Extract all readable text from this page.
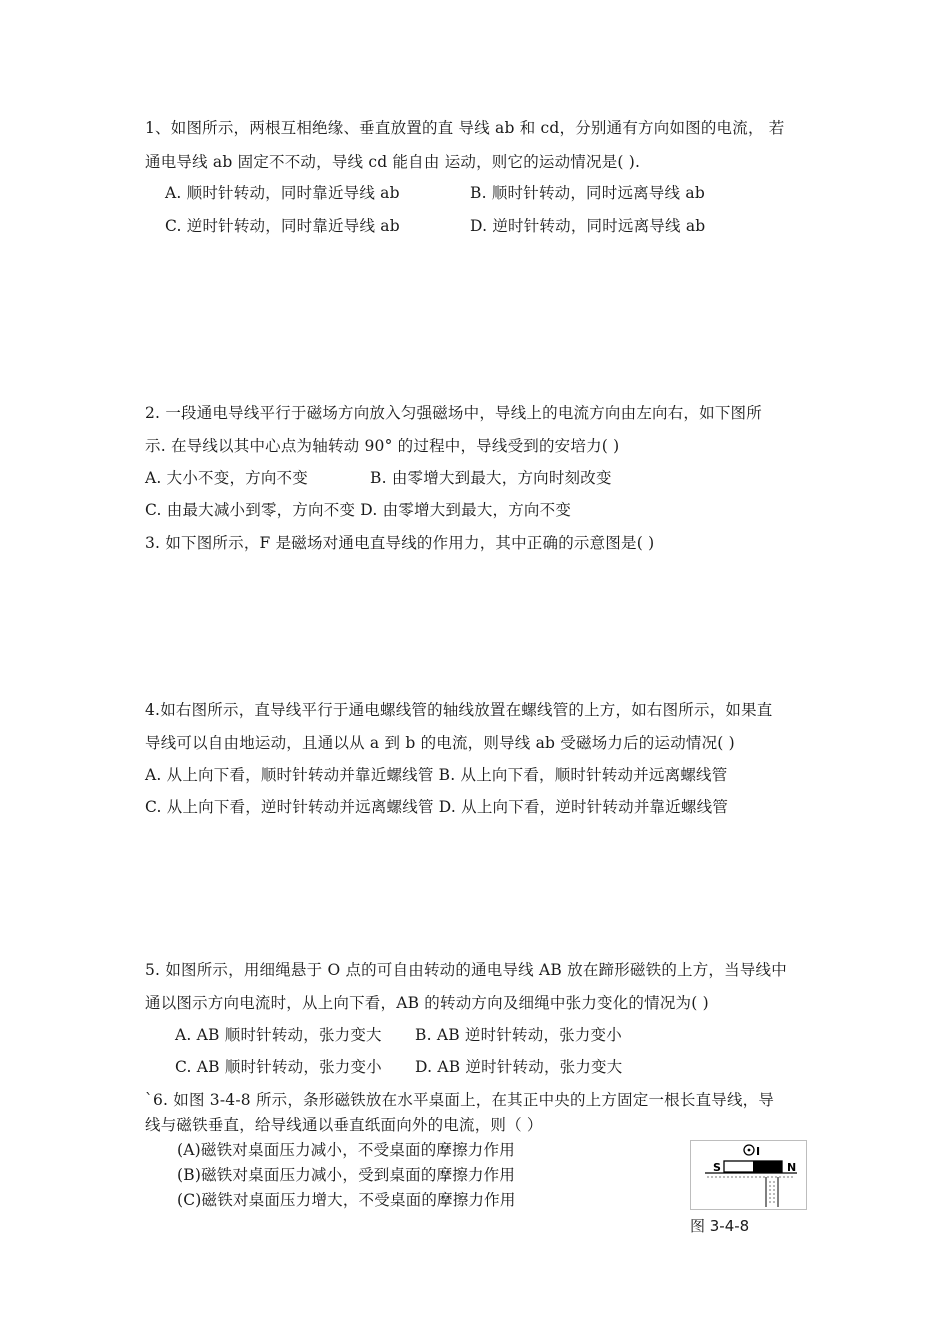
1、如图所示，两根互相绝缘、垂直放置的直 导线 ab 和 cd，分别通有方向如图的电流， 若
通电导线 ab 固定不不动，导线 cd 能自由 运动，则它的运动情况是( ).
A. 顺时针转动，同时靠近导线 ab	B. 顺时针转动，同时远离导线 ab
C. 逆时针转动，同时靠近导线 ab	D. 逆时针转动，同时远离导线 ab
2. 一段通电导线平行于磁场方向放入匀强磁场中，导线上的电流方向由左向右，如下图所
示. 在导线以其中心点为轴转动 90° 的过程中，导线受到的安培力( )
A. 大小不变，方向不变	B. 由零增大到最大，方向时刻改变
C. 由最大减小到零，方向不变 D. 由零增大到最大，方向不变
3. 如下图所示，F 是磁场对通电直导线的作用力，其中正确的示意图是( )
4.如右图所示，直导线平行于通电螺线管的轴线放置在螺线管的上方，如右图所示，如果直
导线可以自由地运动，且通以从 a 到 b 的电流，则导线 ab 受磁场力后的运动情况( )
A. 从上向下看，顺时针转动并靠近螺线管 B. 从上向下看，顺时针转动并远离螺线管
C. 从上向下看，逆时针转动并远离螺线管 D. 从上向下看，逆时针转动并靠近螺线管
5. 如图所示，用细绳悬于 O 点的可自由转动的通电导线 AB 放在蹄形磁铁的上方，当导线中
通以图示方向电流时，从上向下看，AB 的转动方向及细绳中张力变化的情况为( )
A. AB 顺时针转动，张力变大 B. AB 逆时针转动，张力变小
C. AB 顺时针转动，张力变小 D. AB 逆时针转动，张力变大
`6. 如图 3-4-8 所示，条形磁铁放在水平桌面上，在其正中央的上方固定一根长直导线，导
线与磁铁垂直，给导线通以垂直纸面向外的电流，则（ ）
(A)磁铁对桌面压力减小，不受桌面的摩擦力作用
(B)磁铁对桌面压力减小，受到桌面的摩擦力作用
(C)磁铁对桌面压力增大，不受桌面的摩擦力作用
I
S	N
图 3-4-8
